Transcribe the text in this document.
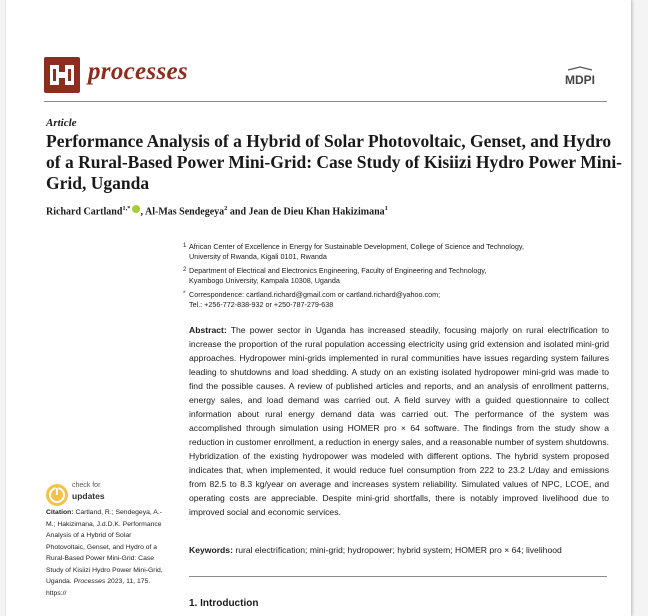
processes	MDPI
Article
Performance Analysis of a Hybrid of Solar Photovoltaic, Genset, and Hydro of a Rural-Based Power Mini-Grid: Case Study of Kisiizi Hydro Power Mini-Grid, Uganda
Richard Cartland$^{1,*}$ , Al-Mas Sendegeya$^2$ and Jean de Dieu Khan Hakizimana$^1$
1 African Center of Excellence in Energy for Sustainable Development, College of Science and Technology,
University of Rwanda, Kigali 0101, Rwanda
2 Department of Electrical and Electronics Engineering, Faculty of Engineering and Technology,
Kyambogo University, Kampala 10308, Uganda
* Correspondence: cartland.richard@gmail.com or cartland.richard@yahoo.com;
Tel.: +256-772-838-932 or +250-787-279-638
Abstract: The power sector in Uganda has increased steadily, focusing majorly on rural electrification to increase the proportion of the rural population accessing electricity using grid extension and isolated mini-grid approaches. Hydropower mini-grids implemented in rural communities have issues regarding system failures leading to shutdowns and load shedding. A study on an existing isolated hydropower mini-grid was made to find the possible causes. A review of published articles and reports, and an analysis of enrollment patterns, energy sales, and load demand was carried out. A field survey with a guided questionnaire to collect information about rural energy demand data was carried out. The performance of the system was accomplished through simulation using HOMER pro × 64 software. The findings from the study show a reduction in customer enrollment, a reduction in energy sales, and a reasonable number of system shutdowns. Hybridization of the existing hydropower was modeled with different options. The hybrid system proposed indicates that, when implemented, it would reduce fuel consumption from 222 to 23.2 L/day and emissions from 82.5 to 8.3 kg/year on average and increases system reliability. Simulated values of NPC, LCOE, and operating costs are appreciable. Despite mini-grid shortfalls, there is notably improved livelihood due to improved social and economic services.
Keywords: rural electrification; mini-grid; hydropower; hybrid system; HOMER pro × 64; livelihood
1. Introduction
check for
updates
Citation: Cartland, R.; Sendegeya, A.-M.; Hakizimana, J.d.D.K. Performance Analysis of a Hybrid of Solar Photovoltaic, Genset, and Hydro of a Rural-Based Power Mini-Grid: Case Study of Kisiizi Hydro Power Mini-Grid, Uganda. Processes 2023, 11, 175. https://
